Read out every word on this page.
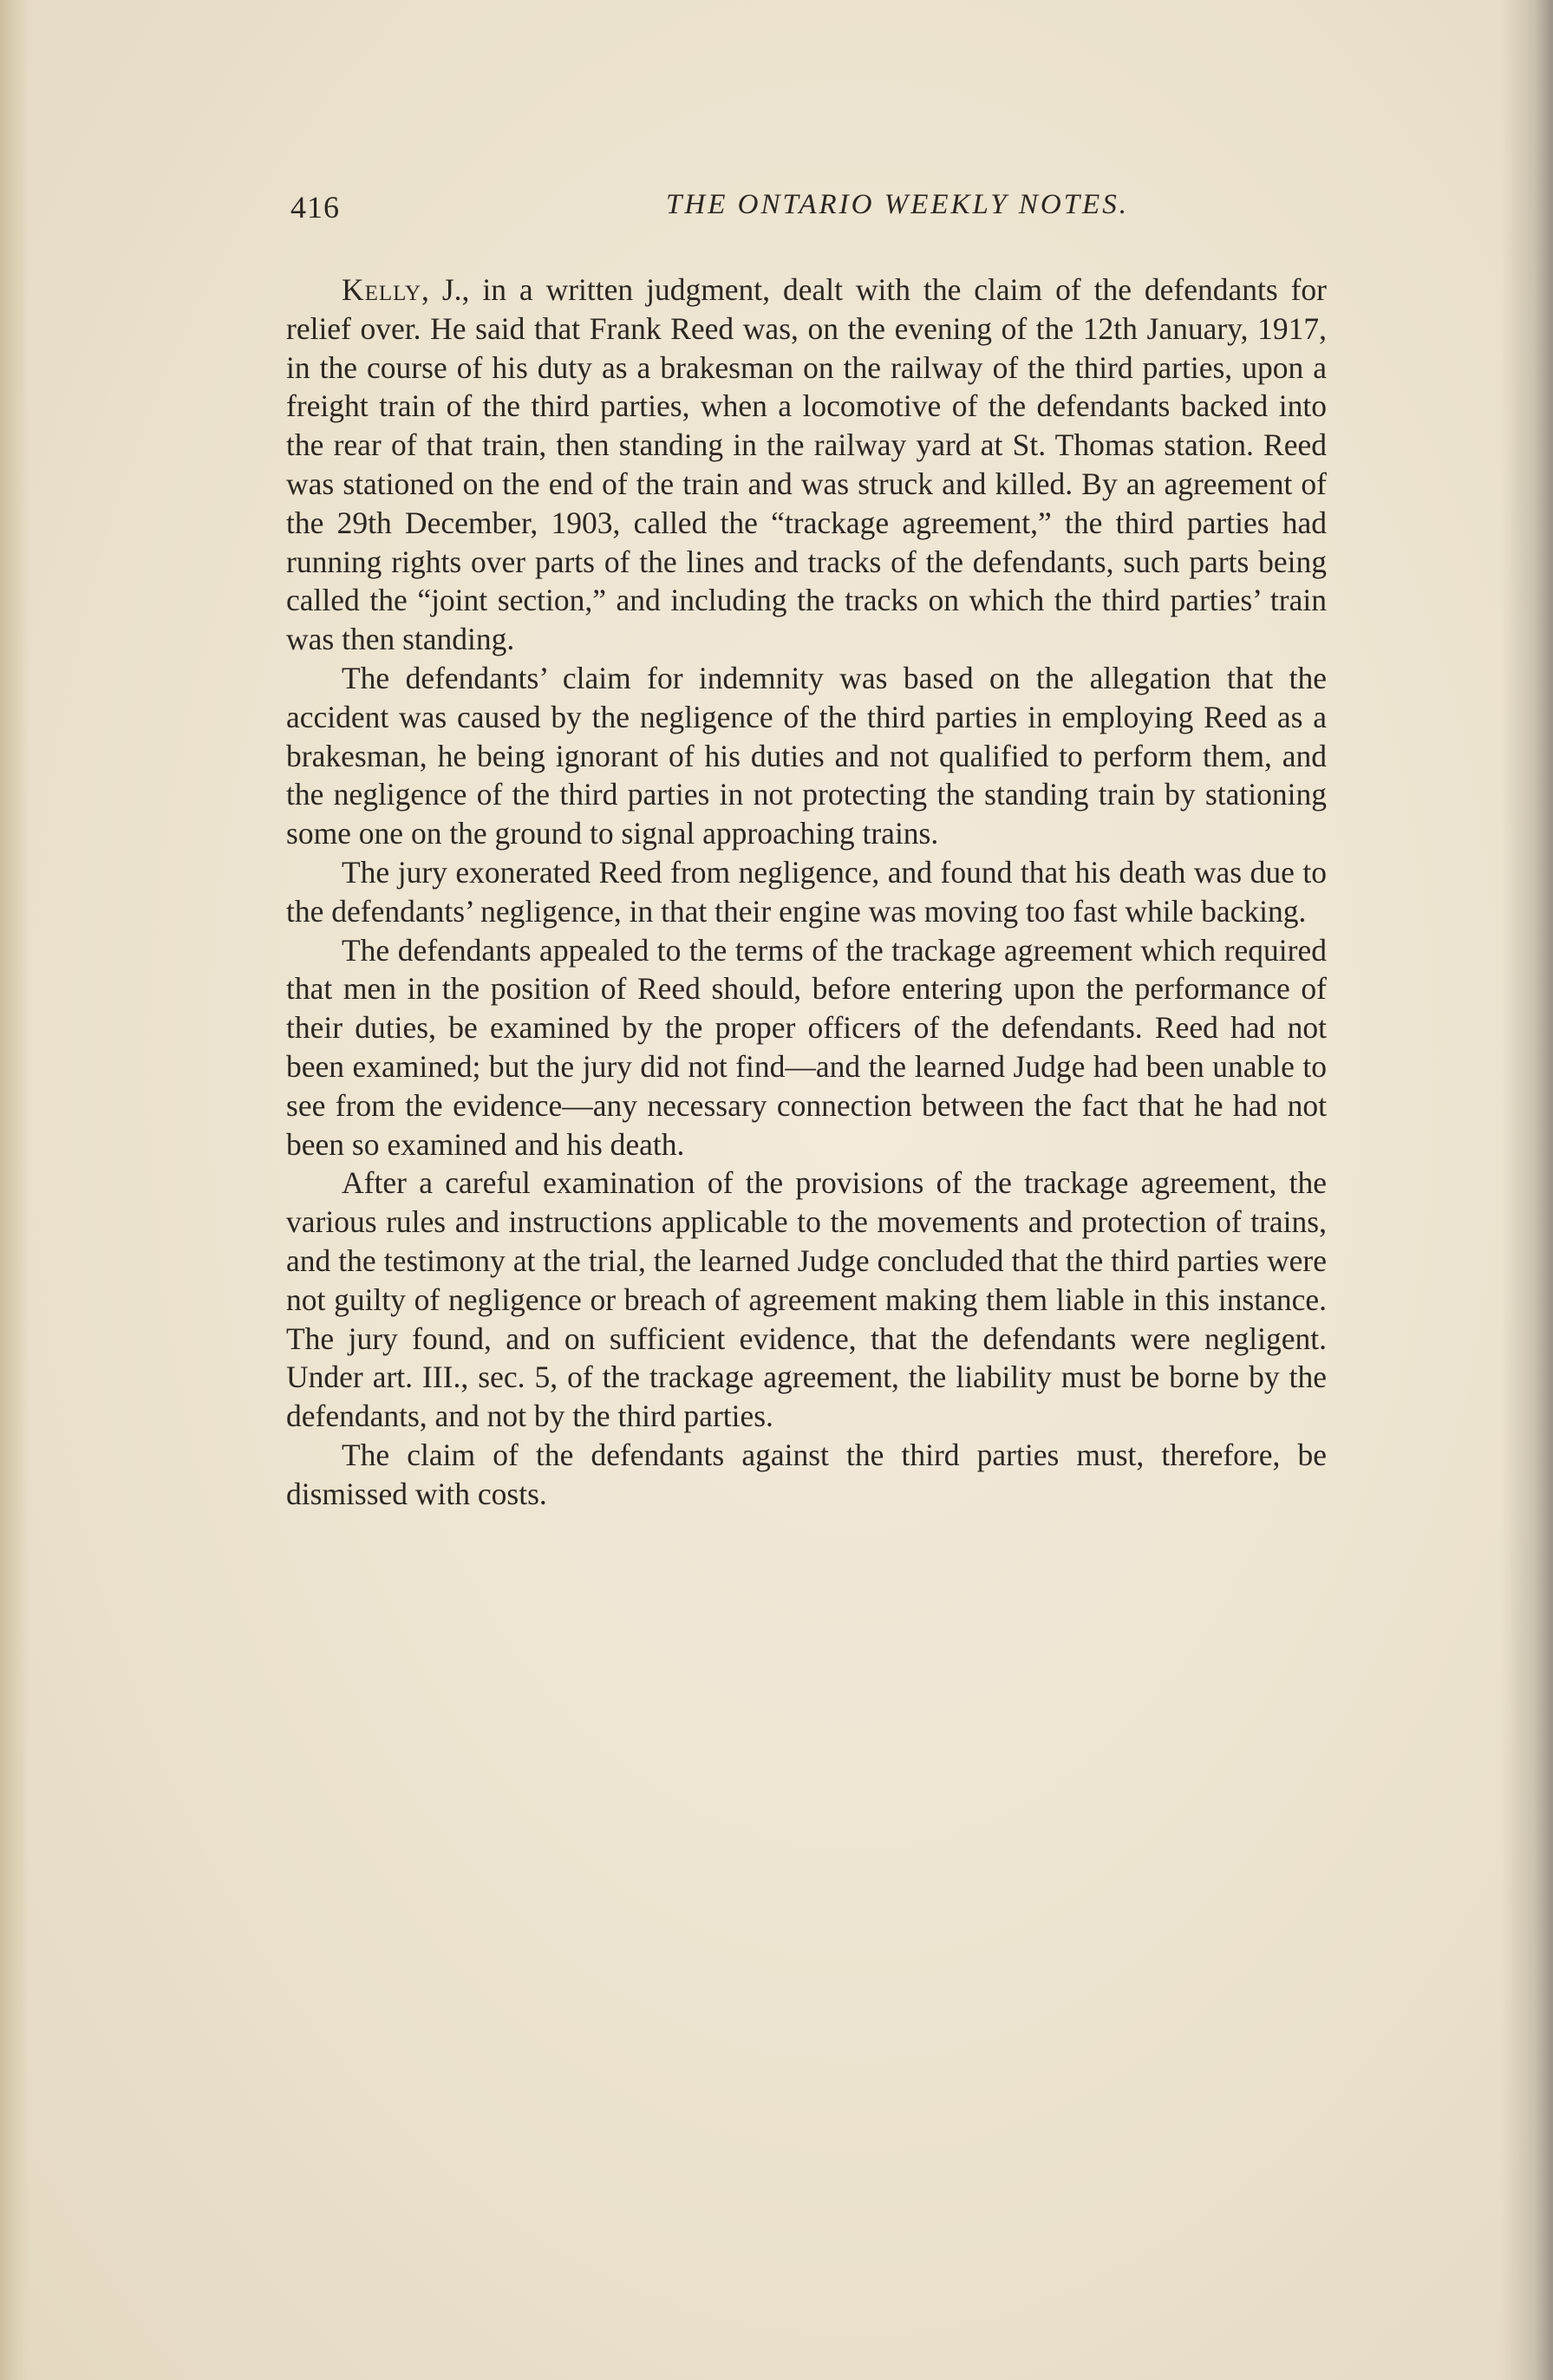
416	THE ONTARIO WEEKLY NOTES.

Kelly, J., in a written judgment, dealt with the claim of the defendants for relief over. He said that Frank Reed was, on the evening of the 12th January, 1917, in the course of his duty as a brakesman on the railway of the third parties, upon a freight train of the third parties, when a locomotive of the defendants backed into the rear of that train, then standing in the railway yard at St. Thomas station. Reed was stationed on the end of the train and was struck and killed. By an agreement of the 29th December, 1903, called the “trackage agreement,” the third parties had running rights over parts of the lines and tracks of the defendants, such parts being called the “joint section,” and including the tracks on which the third parties’ train was then standing.

The defendants’ claim for indemnity was based on the allegation that the accident was caused by the negligence of the third parties in employing Reed as a brakesman, he being ignorant of his duties and not qualified to perform them, and the negligence of the third parties in not protecting the standing train by stationing some one on the ground to signal approaching trains.

The jury exonerated Reed from negligence, and found that his death was due to the defendants’ negligence, in that their engine was moving too fast while backing.

The defendants appealed to the terms of the trackage agreement which required that men in the position of Reed should, before entering upon the performance of their duties, be examined by the proper officers of the defendants. Reed had not been examined; but the jury did not find—and the learned Judge had been unable to see from the evidence—any necessary connection between the fact that he had not been so examined and his death.

After a careful examination of the provisions of the trackage agreement, the various rules and instructions applicable to the movements and protection of trains, and the testimony at the trial, the learned Judge concluded that the third parties were not guilty of negligence or breach of agreement making them liable in this instance. The jury found, and on sufficient evidence, that the defendants were negligent. Under art. III., sec. 5, of the trackage agreement, the liability must be borne by the defendants, and not by the third parties.

The claim of the defendants against the third parties must, therefore, be dismissed with costs.
